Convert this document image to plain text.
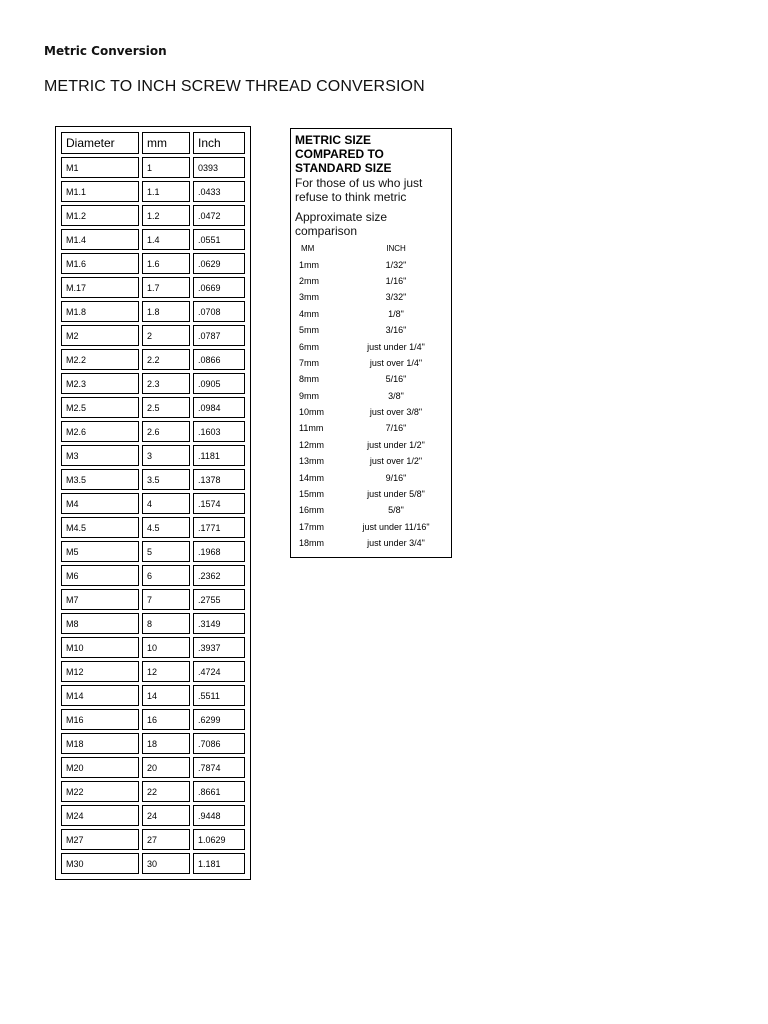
Metric Conversion
METRIC TO INCH SCREW THREAD CONVERSION
Diameter	mm	Inch
M1	1	0393
M1.1	1.1	.0433
M1.2	1.2	.0472
M1.4	1.4	.0551
M1.6	1.6	.0629
M.17	1.7	.0669
M1.8	1.8	.0708
M2	2	.0787
M2.2	2.2	.0866
M2.3	2.3	.0905
M2.5	2.5	.0984
M2.6	2.6	.1603
M3	3	.1181
M3.5	3.5	.1378
M4	4	.1574
M4.5	4.5	.1771
M5	5	.1968
M6	6	.2362
M7	7	.2755
M8	8	.3149
M10	10	.3937
M12	12	.4724
M14	14	.5511
M16	16	.6299
M18	18	.7086
M20	20	.7874
M22	22	.8661
M24	24	.9448
M27	27	1.0629
M30	30	1.181
METRIC SIZE
COMPARED TO
STANDARD SIZE
For those of us who just refuse to think metric
Approximate size comparison
MM	INCH
1mm	1/32"
2mm	1/16"
3mm	3/32"
4mm	1/8"
5mm	3/16"
6mm	just under 1/4"
7mm	just over 1/4"
8mm	5/16"
9mm	3/8"
10mm	just over 3/8"
11mm	7/16"
12mm	just under 1/2"
13mm	just over 1/2"
14mm	9/16"
15mm	just under 5/8"
16mm	5/8"
17mm	just under 11/16"
18mm	just under 3/4"
